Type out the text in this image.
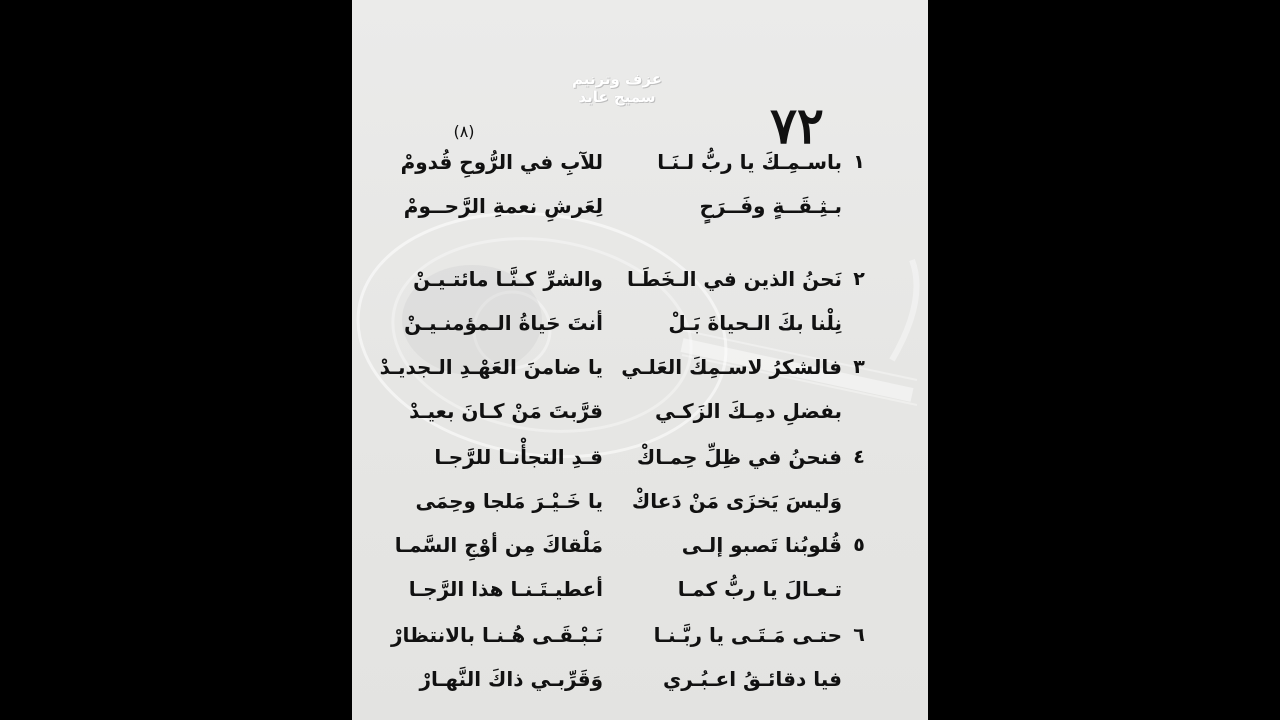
عزف وترنيم
سميح عايد	٧٢
(٨)
١
باسـمِـكَ يا ربُّ لـنَـا
للآبِ في الرُّوحِ قُدومْ
بـثِـقَــةٍ وفَــرَحٍ
لِعَرشِ نعمةِ الرَّحــومْ
٢
نَحنُ الذين في الـخَطَـا
والشرِّ كـنَّـا مائتـيـنْ
نِلْنا بكَ الـحياةَ بَـلْ
أنتَ حَياةُ الـمؤمنـيـنْ
٣
فالشكرُ لاسـمِكَ العَلـي
يا ضامنَ العَهْـدِ الـجديـدْ
بفضلِ دمِـكَ الزَكـي
قرَّبتَ مَنْ كـانَ بعيـدْ
٤
فنحنُ في ظِلِّ حِمـاكْ
قـدِ التجأْنـا للرَّجـا
وَليسَ يَخزَى مَنْ دَعاكْ
يا خَـيْـرَ مَلجا وحِمَى
٥
قُلوبُنا تَصبو إلـى
مَلْقاكَ مِن أوْجِ السَّمـا
تـعـالَ يا ربُّ كمـا
أعطيـتَـنـا هذا الرَّجـا
٦
حتـى مَـتَـى يا ربَّـنـا
نَـبْـقَـى هُـنـا بالانتظارْ
فيا دقائـقُ اعـبُـري
وَقَرِّبـي ذاكَ النَّهـارْ
